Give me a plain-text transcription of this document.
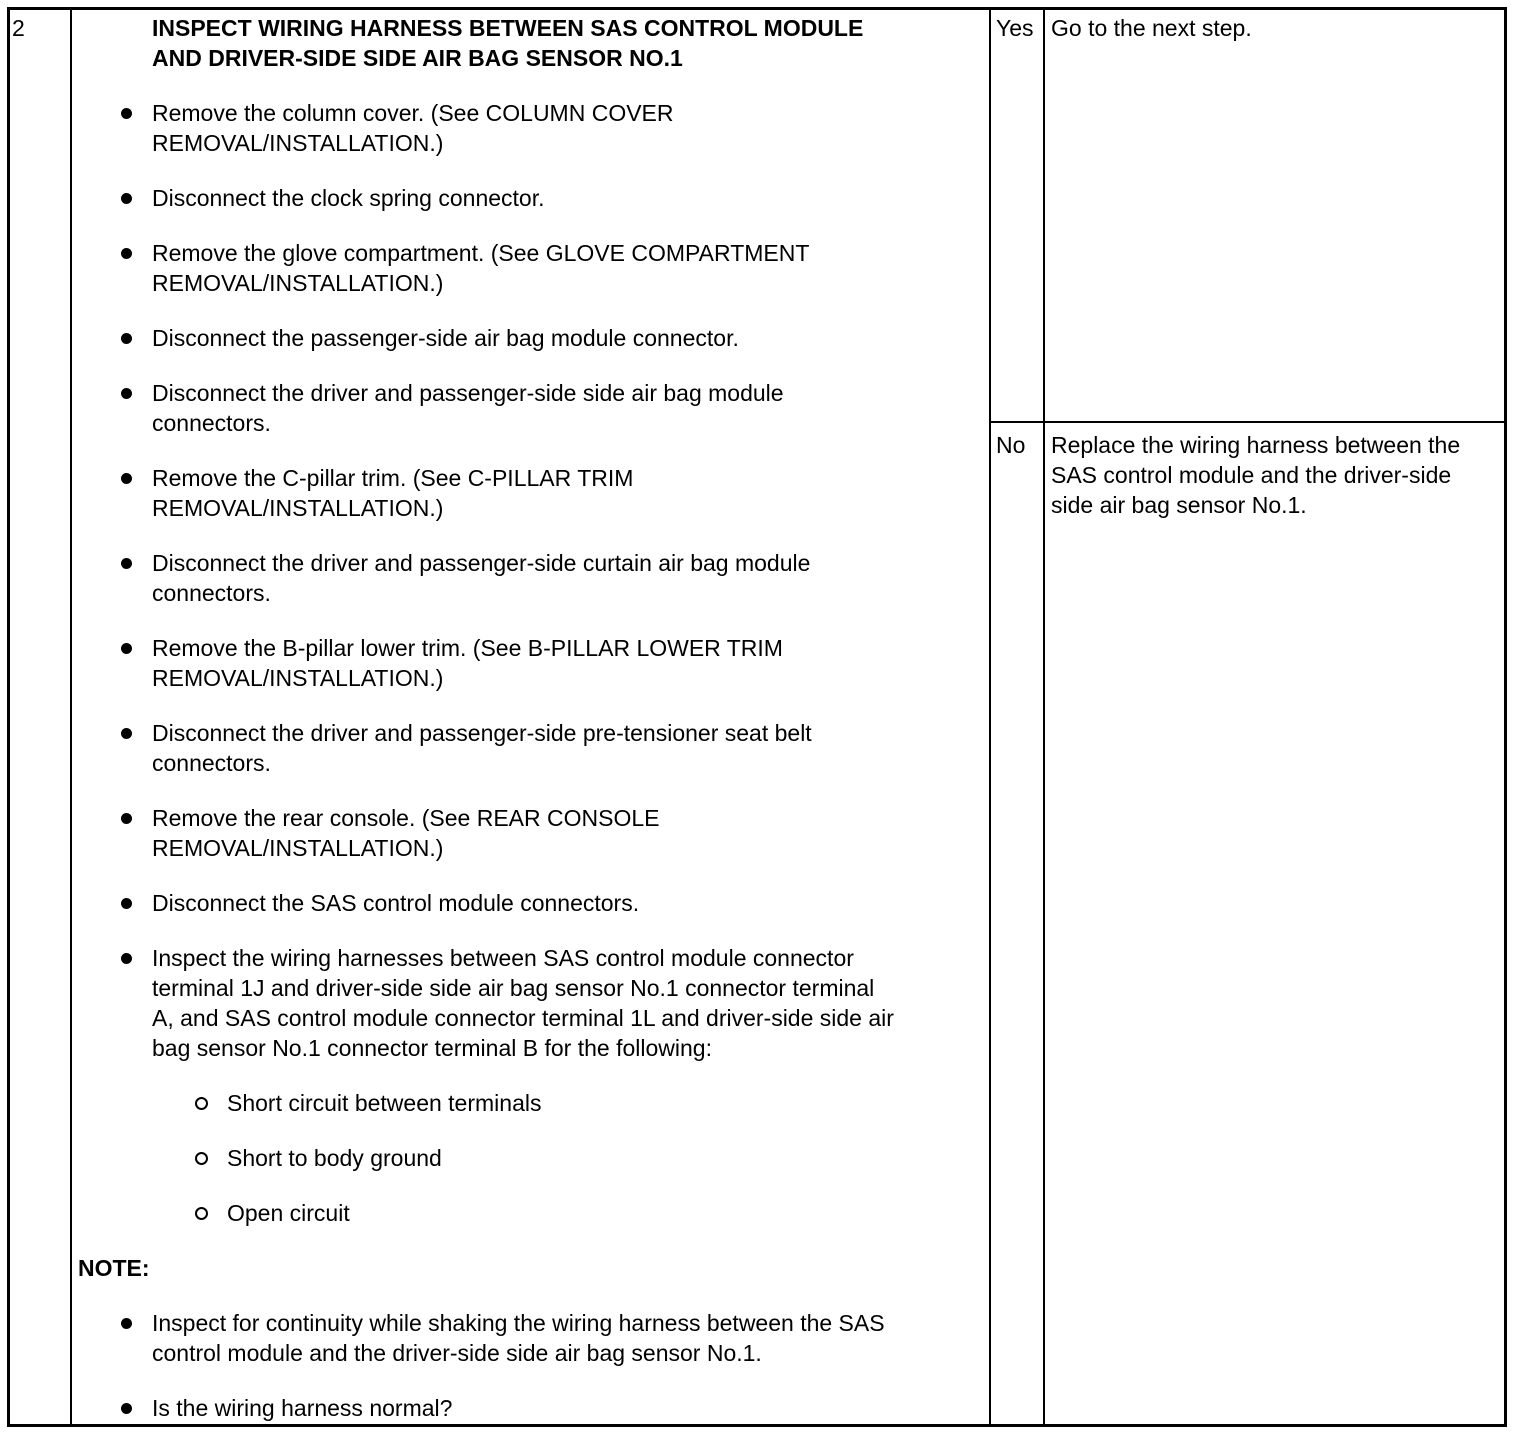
2	INSPECT WIRING HARNESS BETWEEN SAS CONTROL MODULE
AND DRIVER-SIDE SIDE AIR BAG SENSOR NO.1
Remove the column cover. (See COLUMN COVER
REMOVAL/INSTALLATION.)
Disconnect the clock spring connector.
Remove the glove compartment. (See GLOVE COMPARTMENT
REMOVAL/INSTALLATION.)
Disconnect the passenger-side air bag module connector.
Disconnect the driver and passenger-side side air bag module
connectors.
Remove the C-pillar trim. (See C-PILLAR TRIM
REMOVAL/INSTALLATION.)
Disconnect the driver and passenger-side curtain air bag module
connectors.
Remove the B-pillar lower trim. (See B-PILLAR LOWER TRIM
REMOVAL/INSTALLATION.)
Disconnect the driver and passenger-side pre-tensioner seat belt
connectors.
Remove the rear console. (See REAR CONSOLE
REMOVAL/INSTALLATION.)
Disconnect the SAS control module connectors.
Inspect the wiring harnesses between SAS control module connector
terminal 1J and driver-side side air bag sensor No.1 connector terminal
A, and SAS control module connector terminal 1L and driver-side side air
bag sensor No.1 connector terminal B for the following:
Short circuit between terminals
Short to body ground
Open circuit
NOTE:
Inspect for continuity while shaking the wiring harness between the SAS
control module and the driver-side side air bag sensor No.1.
Is the wiring harness normal?
Yes Go to the next step.
No Replace the wiring harness between the
SAS control module and the driver-side
side air bag sensor No.1.
